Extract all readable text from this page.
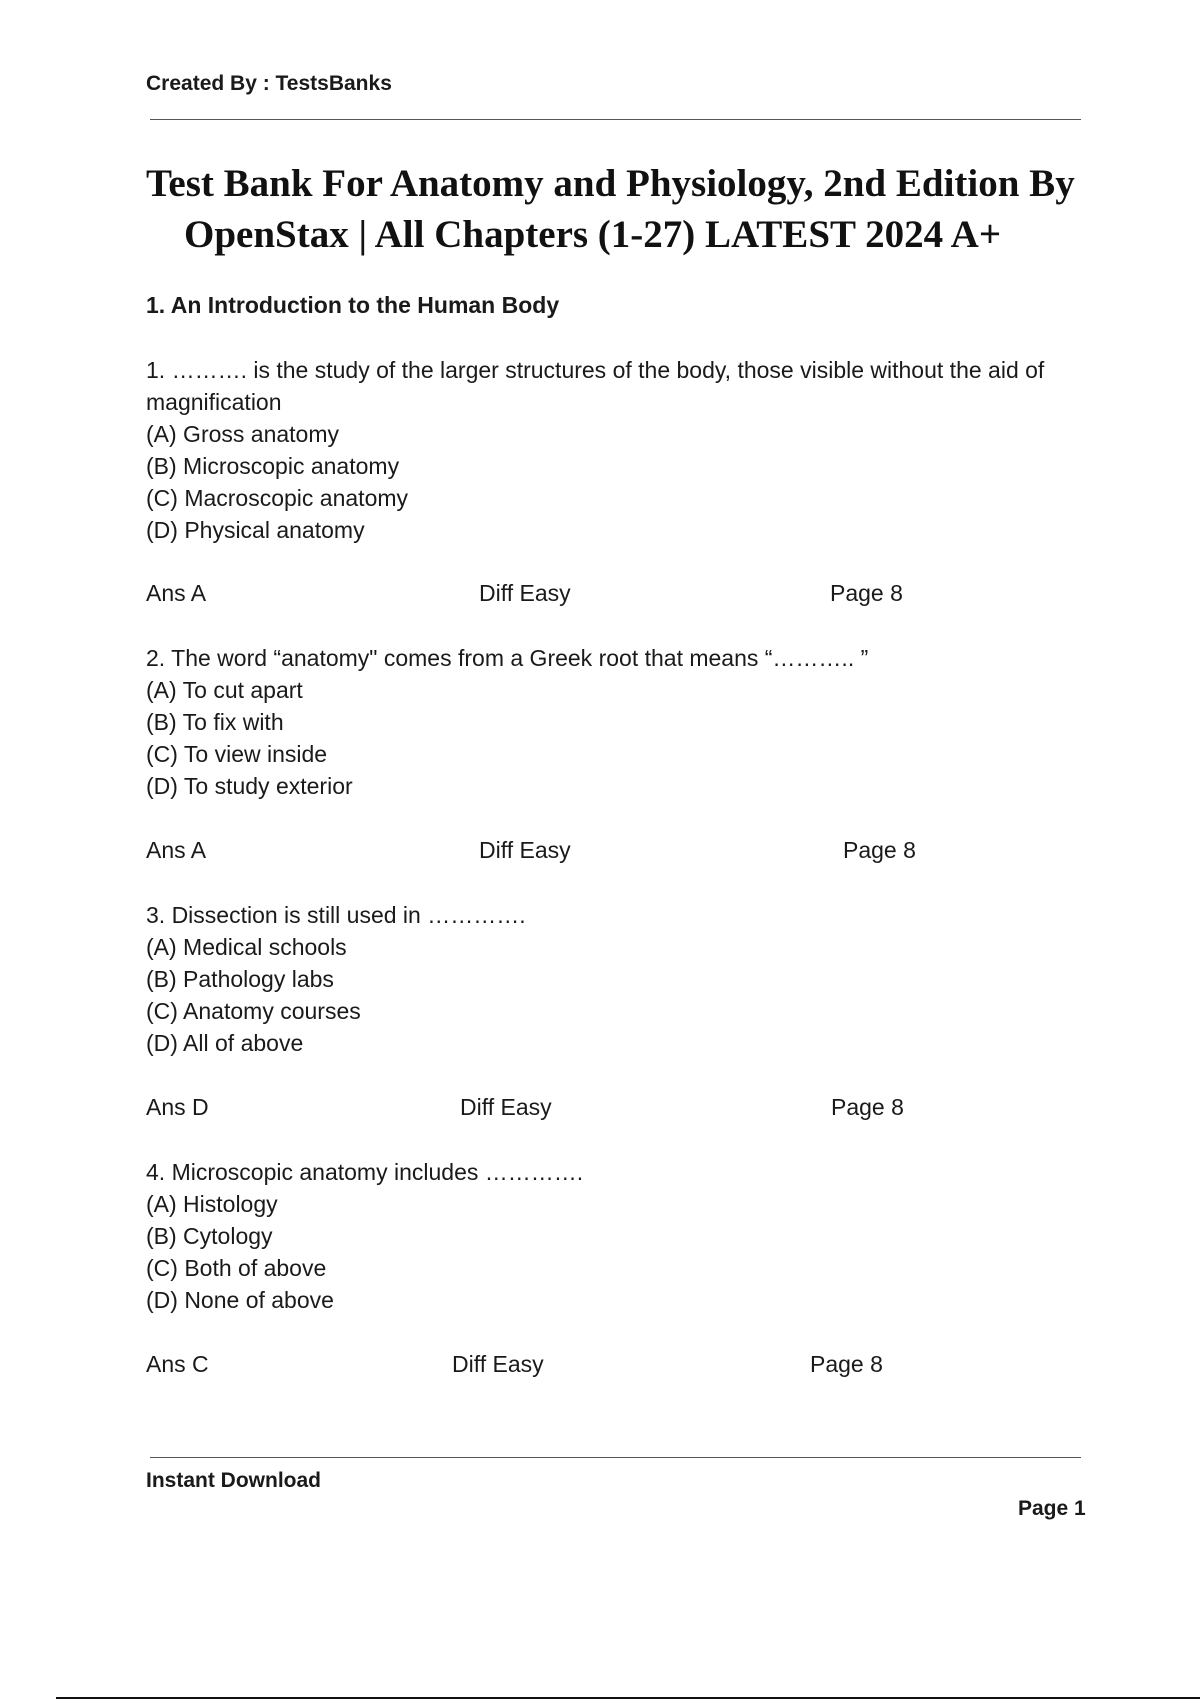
Created By : TestsBanks
Test Bank For Anatomy and Physiology, 2nd Edition By
OpenStax | All Chapters (1-27) LATEST 2024 A+
1. An Introduction to the Human Body
1. ………. is the study of the larger structures of the body, those visible without the aid of magnification
(A) Gross anatomy
(B) Microscopic anatomy
(C) Macroscopic anatomy
(D) Physical anatomy
Ans A	Diff Easy	Page 8
2. The word “anatomy" comes from a Greek root that means “……….. ”
(A) To cut apart
(B) To fix with
(C) To view inside
(D) To study exterior
Ans A	Diff Easy	Page 8
3. Dissection is still used in ………….
(A) Medical schools
(B) Pathology labs
(C) Anatomy courses
(D) All of above
Ans D	Diff Easy	Page 8
4. Microscopic anatomy includes ………….
(A) Histology
(B) Cytology
(C) Both of above
(D) None of above
Ans C	Diff Easy	Page 8
Instant Download
Page 1
